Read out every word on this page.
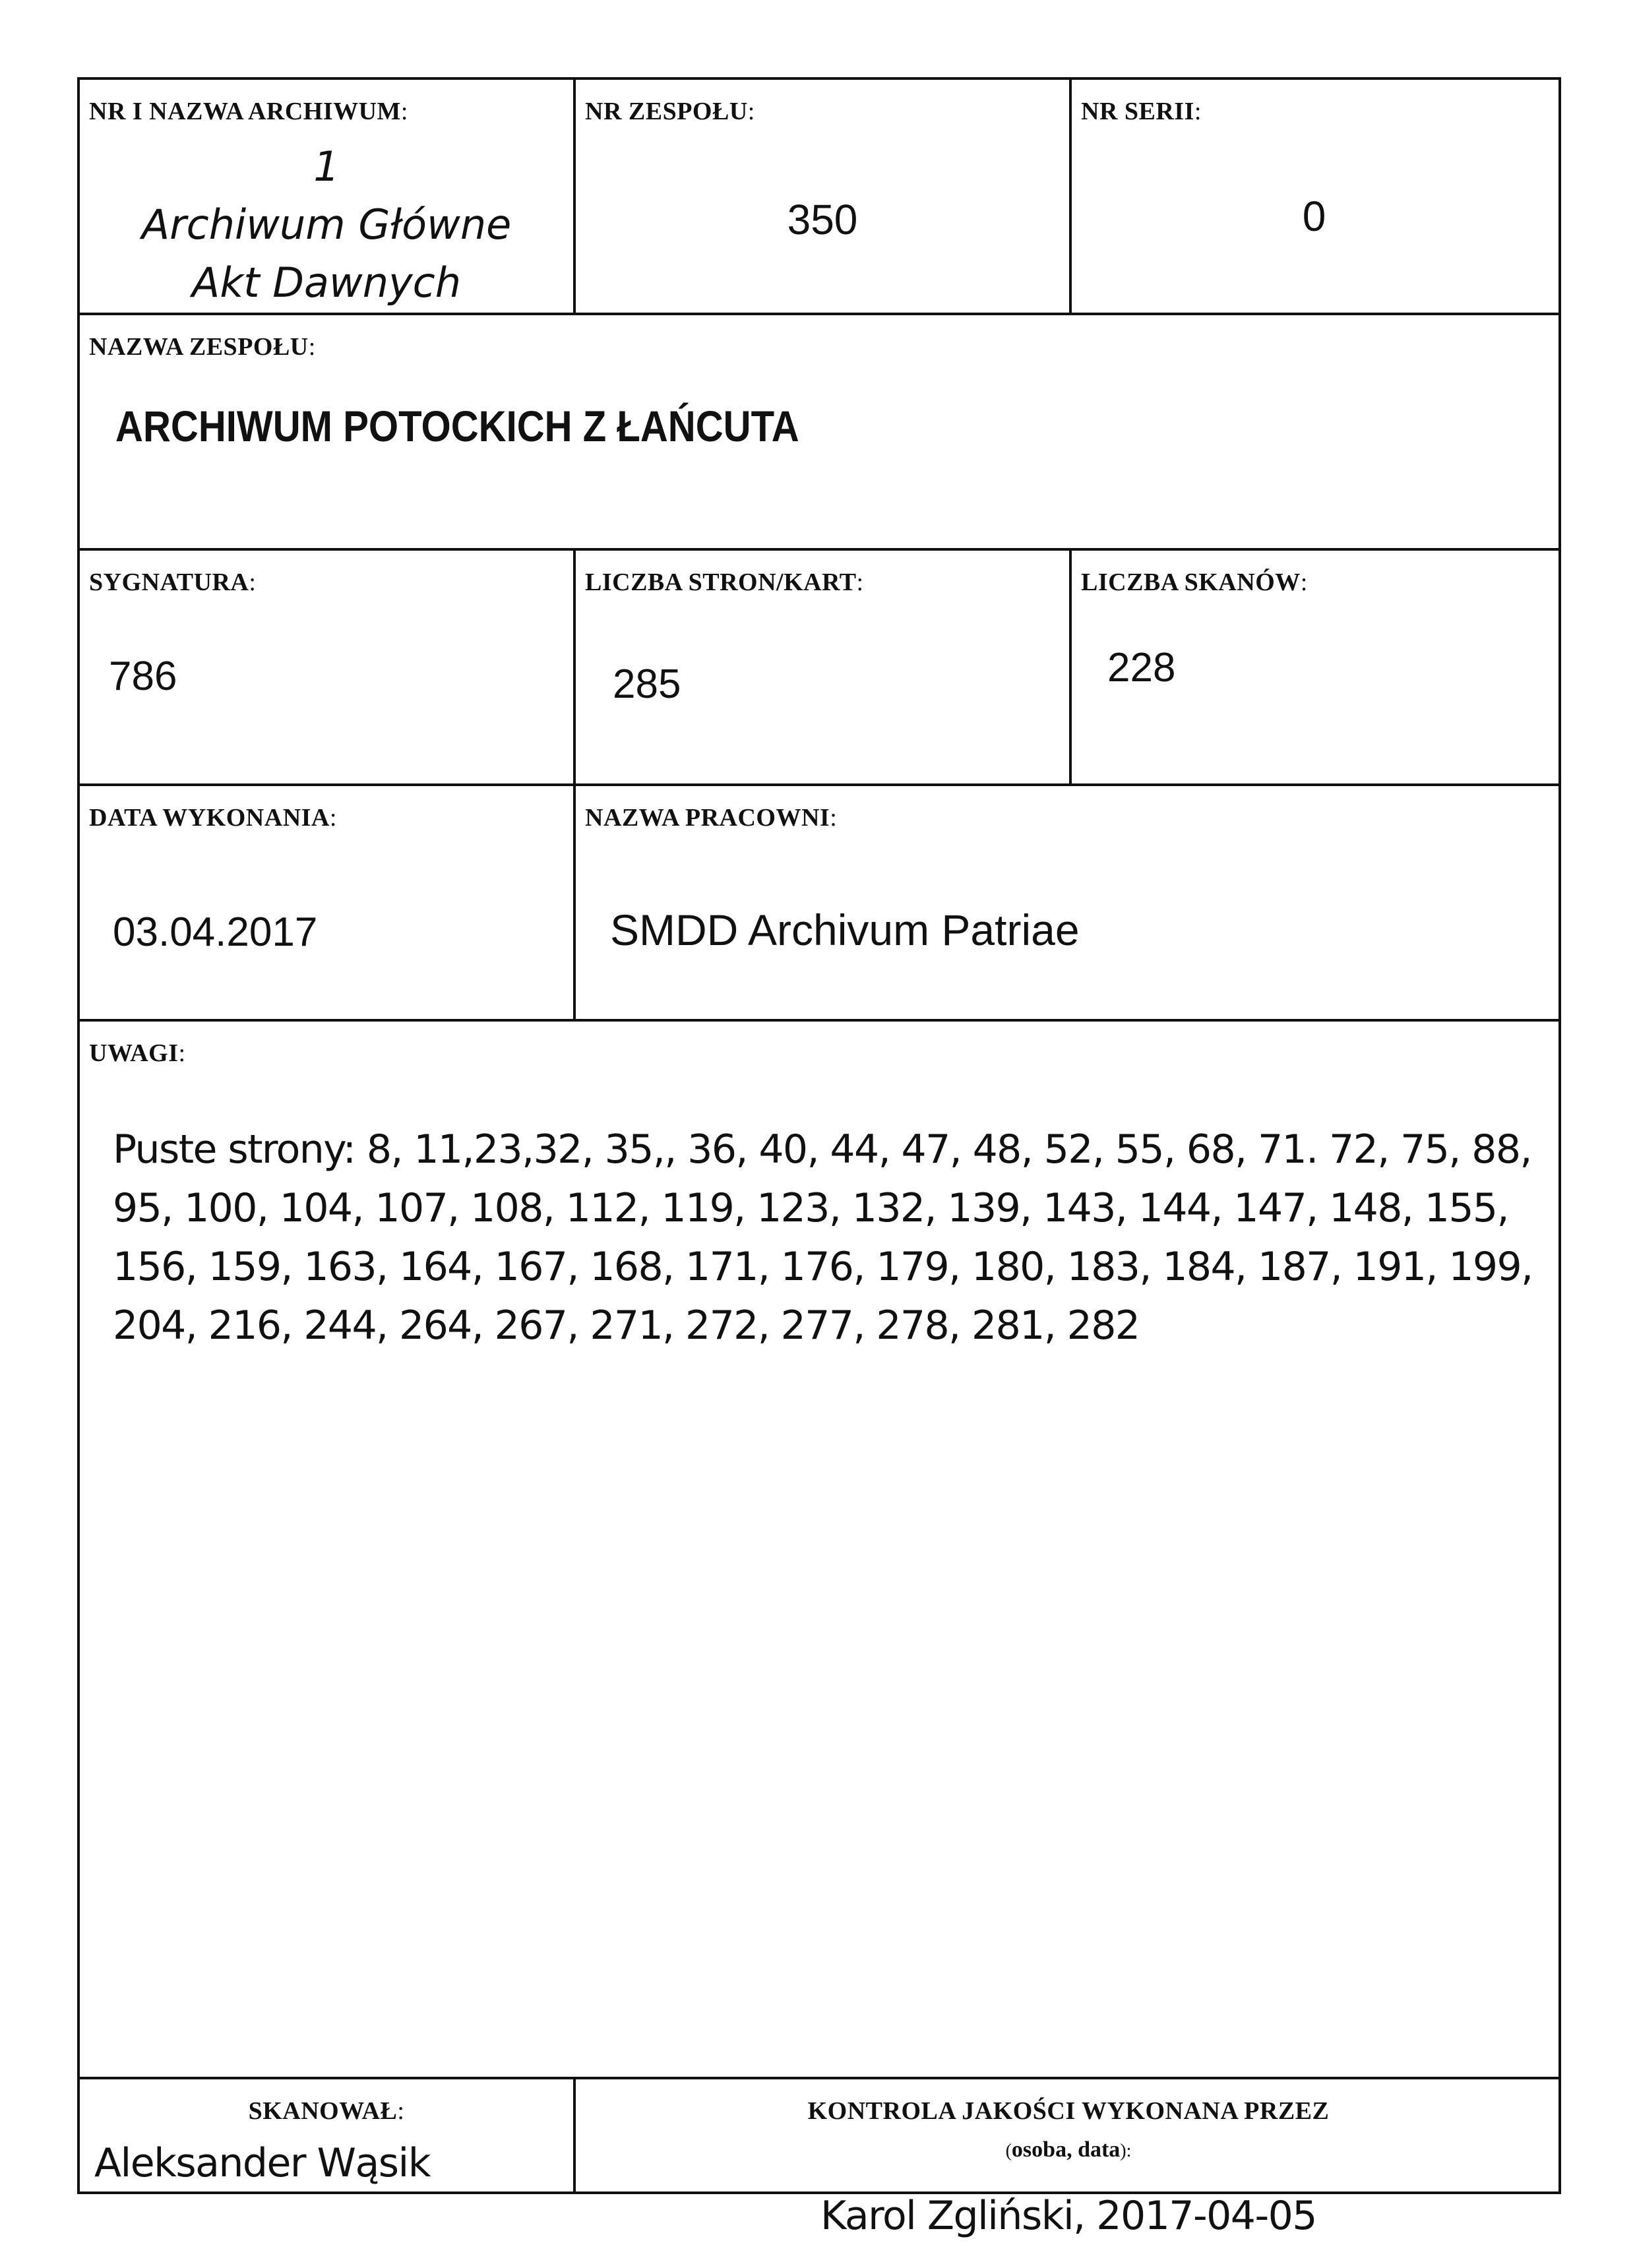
NR I NAZWA ARCHIWUM:
1
Archiwum Główne
Akt Dawnych
NR ZESPOŁU:
350
NR SERII:
0
NAZWA ZESPOŁU:
ARCHIWUM POTOCKICH Z ŁAŃCUTA
SYGNATURA:
786
LICZBA STRON/KART:
285
LICZBA SKANÓW:
228
DATA WYKONANIA:
03.04.2017
NAZWA PRACOWNI:
SMDD Archivum Patriae
UWAGI:
Puste strony: 8, 11,23,32, 35,, 36, 40, 44, 47, 48, 52, 55, 68, 71. 72, 75, 88,
95, 100, 104, 107, 108, 112, 119, 123, 132, 139, 143, 144, 147, 148, 155,
156, 159, 163, 164, 167, 168, 171, 176, 179, 180, 183, 184, 187, 191, 199,
204, 216, 244, 264, 267, 271, 272, 277, 278, 281, 282
SKANOWAŁ:
Aleksander Wąsik
KONTROLA JAKOŚCI WYKONANA PRZEZ
(osoba, data):
Karol Zgliński, 2017-04-05
